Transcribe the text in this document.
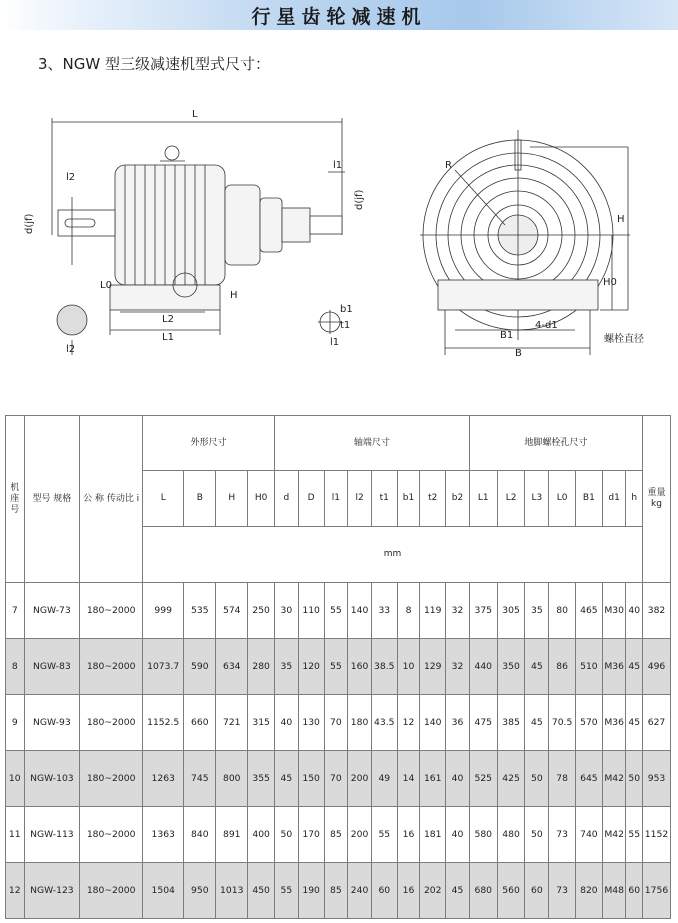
行星齿轮减速机
3、NGW 型三级减速机型式尺寸：
L
l2
d(jf)
L0
L2
L1
l1
d(jf)
H
b1
t1
l2
l1
R
H
H0
4-d1
B1
B
螺栓直径
机 座 号	型号 规格	公 称 传动比 i	外形尺寸				轴端尺寸								地脚螺栓孔尺寸							重量 kg
			L	B	H	H0	d	D	l1	l2	t1	b1	t2	b2	L1	L2	L3	L0	B1	d1	h	
			mm																			
7	NGW-73	180~2000	999	535	574	250	30	110	55	140	33	8	119	32	375	305	35	80	465	M30	40	382
8	NGW-83	180~2000	1073.7	590	634	280	35	120	55	160	38.5	10	129	32	440	350	45	86	510	M36	45	496
9	NGW-93	180~2000	1152.5	660	721	315	40	130	70	180	43.5	12	140	36	475	385	45	70.5	570	M36	45	627
10	NGW-103	180~2000	1263	745	800	355	45	150	70	200	49	14	161	40	525	425	50	78	645	M42	50	953
11	NGW-113	180~2000	1363	840	891	400	50	170	85	200	55	16	181	40	580	480	50	73	740	M42	55	1152
12	NGW-123	180~2000	1504	950	1013	450	55	190	85	240	60	16	202	45	680	560	60	73	820	M48	60	1756
